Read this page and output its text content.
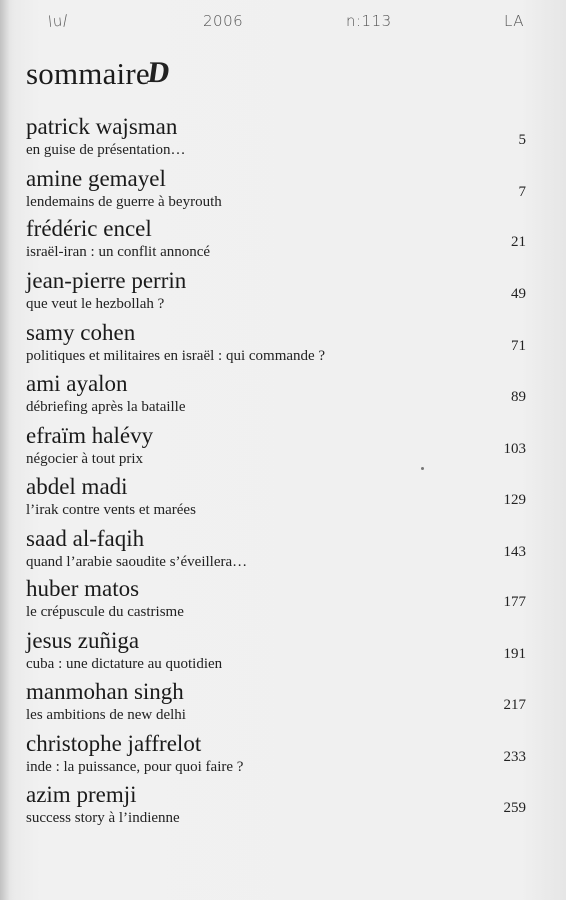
lu/	2006	n:113	LA
sommaire
D
patrick wajsman
en guise de présentation…
5
amine gemayel
lendemains de guerre à beyrouth
7
frédéric encel
israël-iran : un conflit annoncé
21
jean-pierre perrin
que veut le hezbollah ?
49
samy cohen
politiques et militaires en israël : qui commande ?
71
ami ayalon
débriefing après la bataille
89
efraïm halévy
négocier à tout prix
103
abdel madi
l’irak contre vents et marées
129
saad al-faqih
quand l’arabie saoudite s’éveillera…
143
huber matos
le crépuscule du castrisme
177
jesus zuñiga
cuba : une dictature au quotidien
191
manmohan singh
les ambitions de new delhi
217
christophe jaffrelot
inde : la puissance, pour quoi faire ?
233
azim premji
success story à l’indienne
259
